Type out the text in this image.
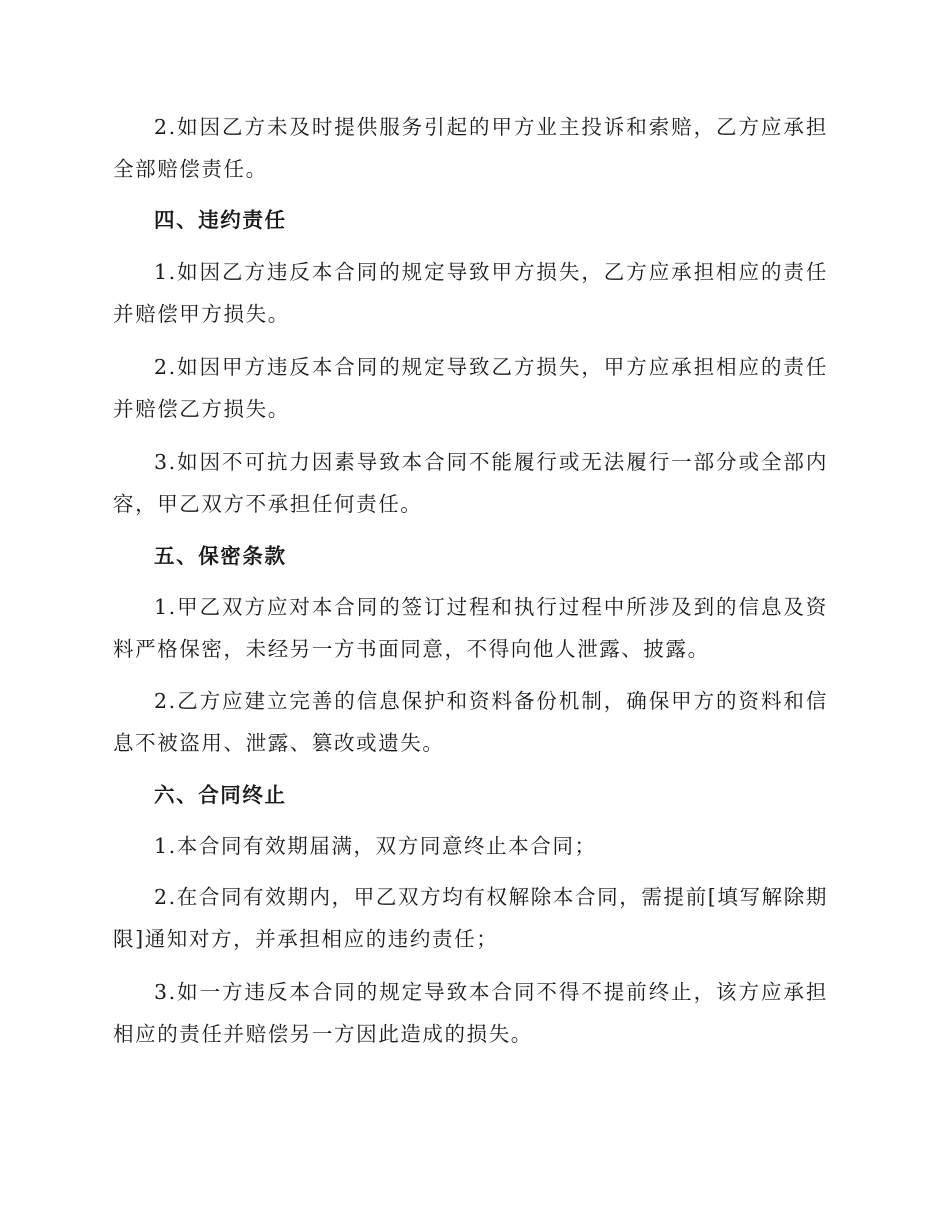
2.如因乙方未及时提供服务引起的甲方业主投诉和索赔，乙方应承担全部赔偿责任。

四、违约责任

1.如因乙方违反本合同的规定导致甲方损失，乙方应承担相应的责任并赔偿甲方损失。

2.如因甲方违反本合同的规定导致乙方损失，甲方应承担相应的责任并赔偿乙方损失。

3.如因不可抗力因素导致本合同不能履行或无法履行一部分或全部内容，甲乙双方不承担任何责任。

五、保密条款

1.甲乙双方应对本合同的签订过程和执行过程中所涉及到的信息及资料严格保密，未经另一方书面同意，不得向他人泄露、披露。

2.乙方应建立完善的信息保护和资料备份机制，确保甲方的资料和信息不被盗用、泄露、篡改或遗失。

六、合同终止

1.本合同有效期届满，双方同意终止本合同；

2.在合同有效期内，甲乙双方均有权解除本合同，需提前[填写解除期限]通知对方，并承担相应的违约责任；

3.如一方违反本合同的规定导致本合同不得不提前终止，该方应承担相应的责任并赔偿另一方因此造成的损失。
